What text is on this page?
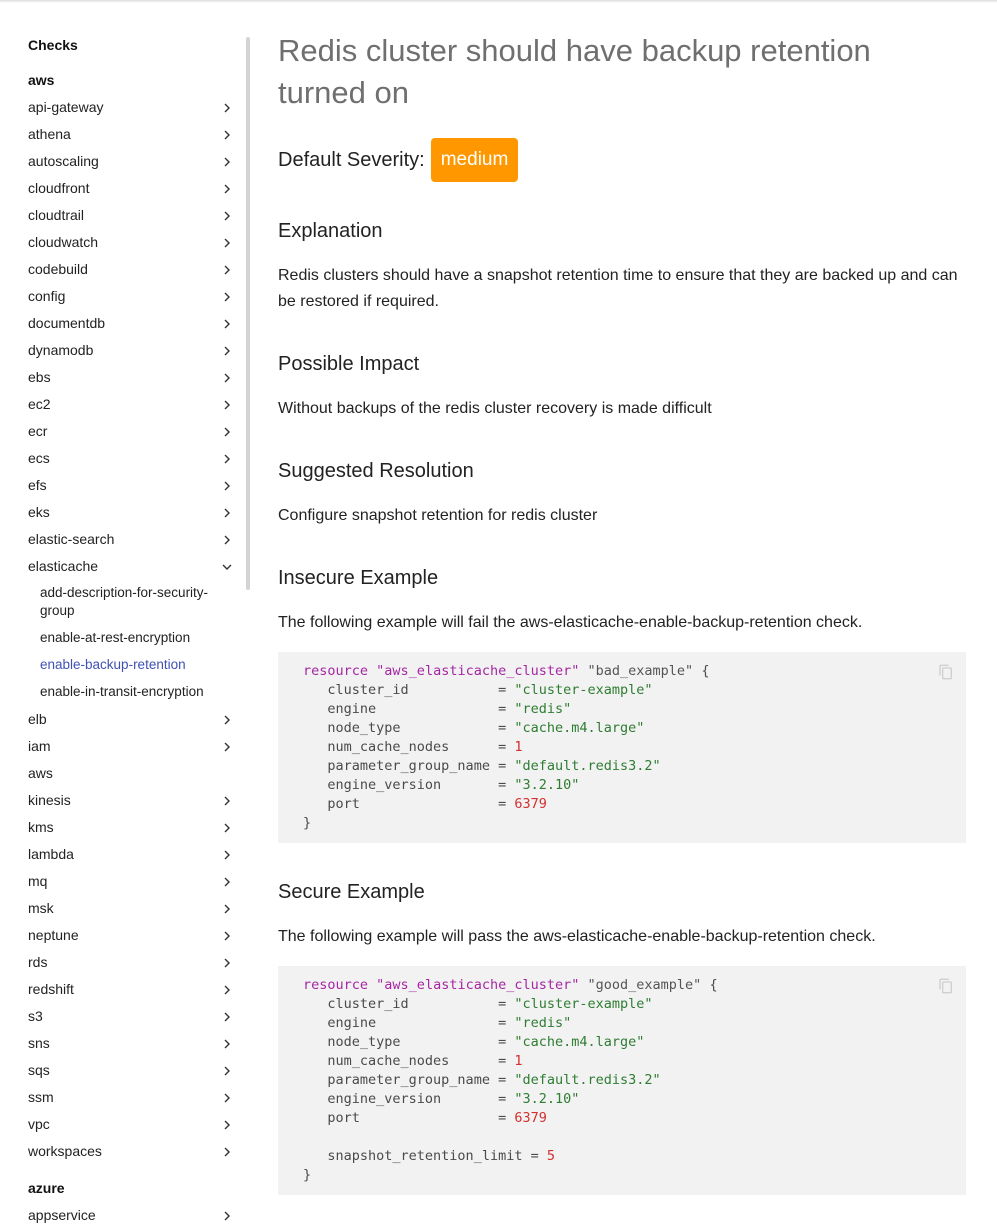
Checks
aws
api-gateway
athena
autoscaling
cloudfront
cloudtrail
cloudwatch
codebuild
config
documentdb
dynamodb
ebs
ec2
ecr
ecs
efs
eks
elastic-search
elasticache
add-description-for-security-group
enable-at-rest-encryption
enable-backup-retention
enable-in-transit-encryption
elb
iam
aws
kinesis
kms
lambda
mq
msk
neptune
rds
redshift
s3
sns
sqs
ssm
vpc
workspaces
azure
appservice
Redis cluster should have backup retention turned on
Default Severity: medium
Explanation

Redis clusters should have a snapshot retention time to ensure that they are backed up and can be restored if required.

Possible Impact

Without backups of the redis cluster recovery is made difficult

Suggested Resolution

Configure snapshot retention for redis cluster

Insecure Example

The following example will fail the aws-elasticache-enable-backup-retention check.

resource "aws_elasticache_cluster" "bad_example" {
cluster_id           = "cluster-example"
engine               = "redis"
node_type            = "cache.m4.large"
num_cache_nodes      = 1
parameter_group_name = "default.redis3.2"
engine_version       = "3.2.10"
port                 = 6379
}
Secure Example

The following example will pass the aws-elasticache-enable-backup-retention check.

resource "aws_elasticache_cluster" "good_example" {
cluster_id           = "cluster-example"
engine               = "redis"
node_type            = "cache.m4.large"
num_cache_nodes      = 1
parameter_group_name = "default.redis3.2"
engine_version       = "3.2.10"
port                 = 6379

snapshot_retention_limit = 5
}
